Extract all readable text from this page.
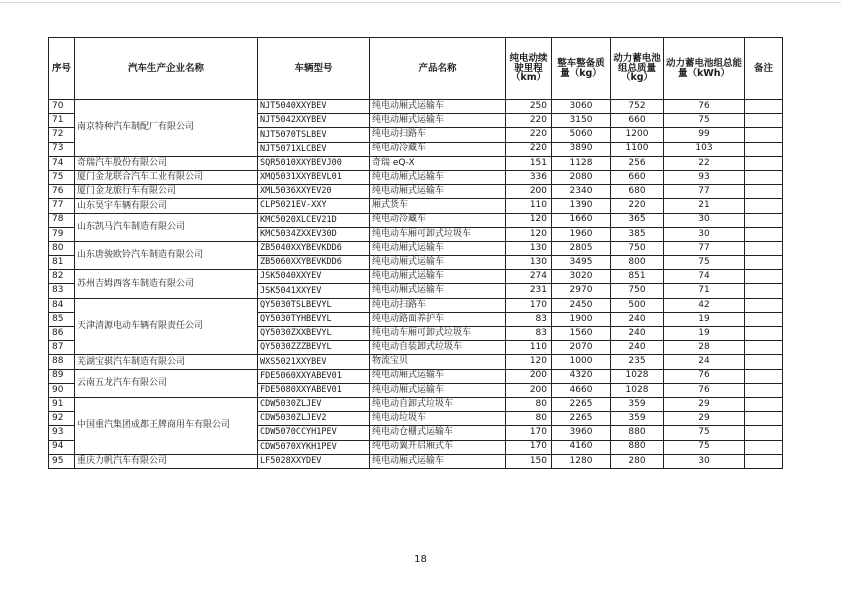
序号	汽车生产企业名称	车辆型号	产品名称	纯电动续驶里程（km）	整车整备质量（kg）	动力蓄电池组总质量（kg）	动力蓄电池组总能量（kWh）	备注
70	南京特种汽车制配厂有限公司	NJT5040XXYBEV	纯电动厢式运输车	250	3060	752	76	
71		NJT5042XXYBEV	纯电动厢式运输车	220	3150	660	75	
72		NJT5070TSLBEV	纯电动扫路车	220	5060	1200	99	
73		NJT5071XLCBEV	纯电动冷藏车	220	3890	1100	103	
74	奇瑞汽车股份有限公司	SQR5010XXYBEVJ00	奇瑞 eQ-X	151	1128	256	22	
75	厦门金龙联合汽车工业有限公司	XMQ5031XXYBEVL01	纯电动厢式运输车	336	2080	660	93	
76	厦门金龙旅行车有限公司	XML5036XXYEV20	纯电动厢式运输车	200	2340	680	77	
77	山东昊宇车辆有限公司	CLP5021EV-XXY	厢式货车	110	1390	220	21	
78	山东凯马汽车制造有限公司	KMC5020XLCEV21D	纯电动冷藏车	120	1660	365	30	
79		KMC5034ZXXEV30D	纯电动车厢可卸式垃圾车	120	1960	385	30	
80	山东唐骏欧铃汽车制造有限公司	ZB5040XXYBEVKDD6	纯电动厢式运输车	130	2805	750	77	
81		ZB5060XXYBEVKDD6	纯电动厢式运输车	130	3495	800	75	
82	苏州吉姆西客车制造有限公司	JSK5040XXYEV	纯电动厢式运输车	274	3020	851	74	
83		JSK5041XXYEV	纯电动厢式运输车	231	2970	750	71	
84	天津清源电动车辆有限责任公司	QY5030TSLBEVYL	纯电动扫路车	170	2450	500	42	
85		QY5030TYHBEVYL	纯电动路面养护车	83	1900	240	19	
86		QY5030ZXXBEVYL	纯电动车厢可卸式垃圾车	83	1560	240	19	
87		QY5030ZZZBEVYL	纯电动自装卸式垃圾车	110	2070	240	28	
88	芜湖宝骐汽车制造有限公司	WXS5021XXYBEV	物流宝贝	120	1000	235	24	
89	云南五龙汽车有限公司	FDE5060XXYABEV01	纯电动厢式运输车	200	4320	1028	76	
90		FDE5080XXYABEV01	纯电动厢式运输车	200	4660	1028	76	
91	中国重汽集团成都王牌商用车有限公司	CDW5030ZLJEV	纯电动自卸式垃圾车	80	2265	359	29	
92		CDW5030ZLJEV2	纯电动垃圾车	80	2265	359	29	
93		CDW5070CCYH1PEV	纯电动仓栅式运输车	170	3960	880	75	
94		CDW5070XYKH1PEV	纯电动翼开启厢式车	170	4160	880	75	
95	重庆力帆汽车有限公司	LF5028XXYDEV	纯电动厢式运输车	150	1280	280	30	
18
